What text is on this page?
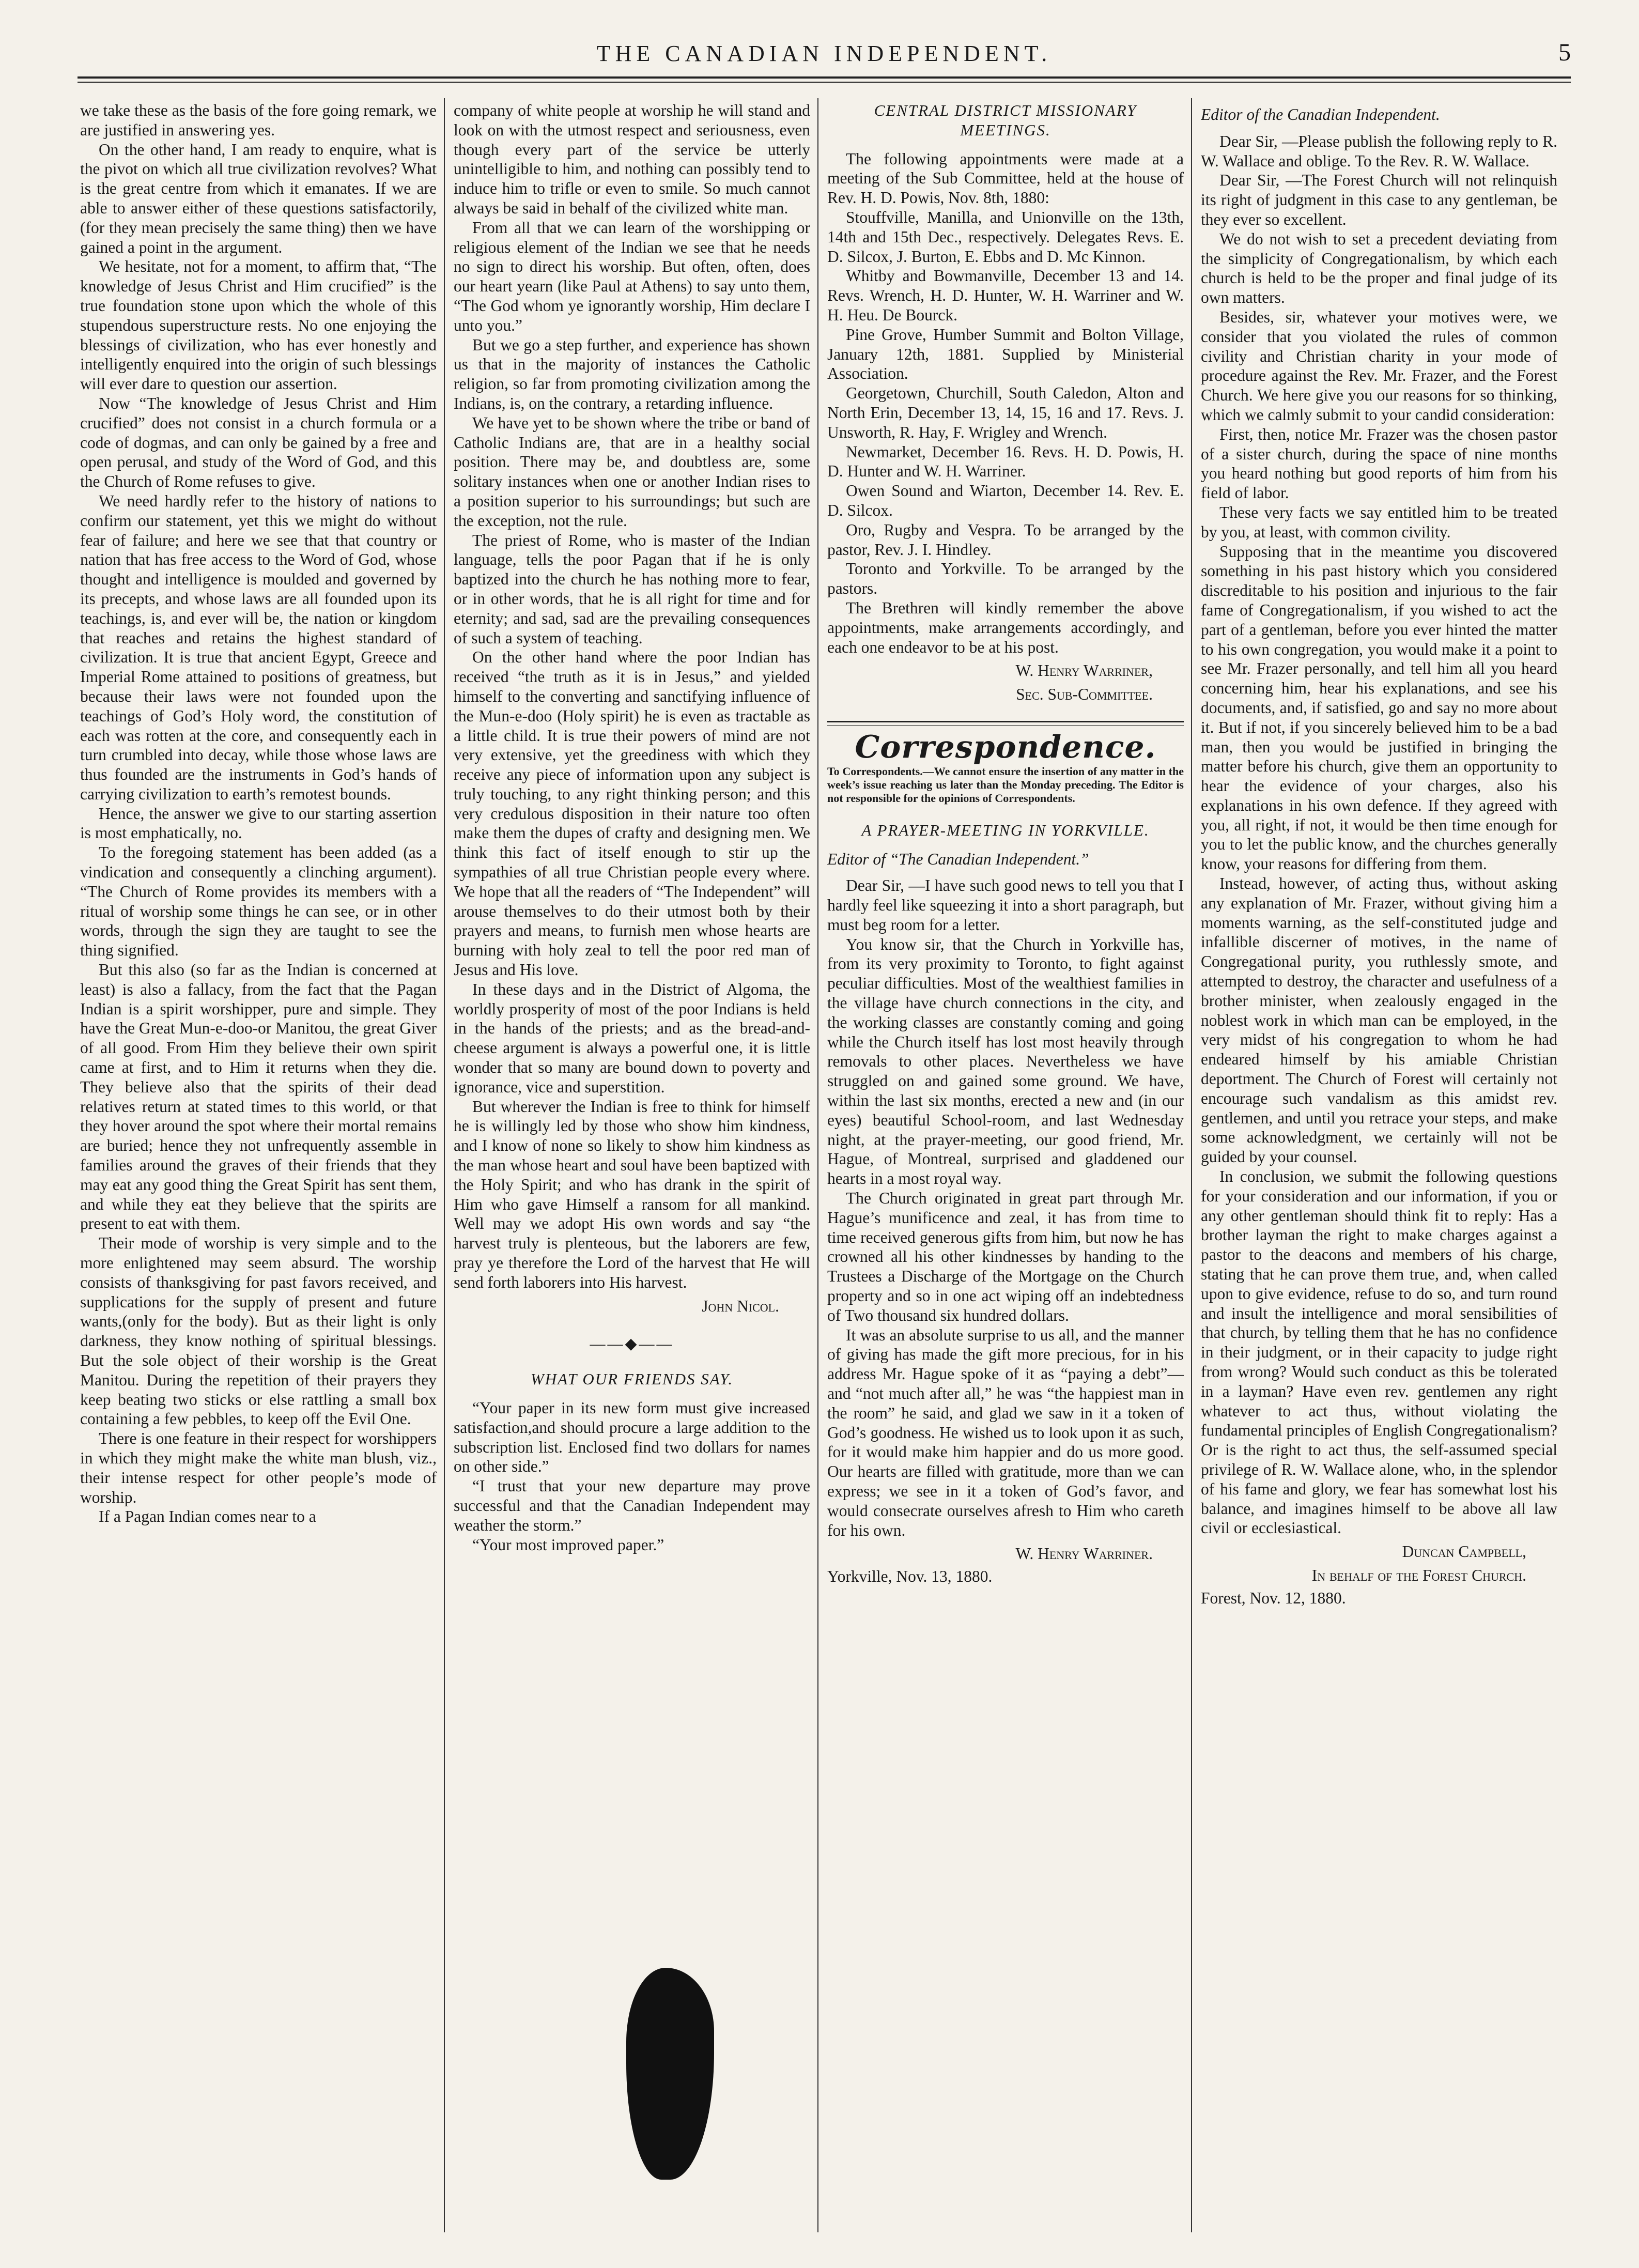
THE CANADIAN INDEPENDENT.	5

we take these as the basis of the fore going remark, we are justified in answering yes.

On the other hand, I am ready to enquire, what is the pivot on which all true civilization revolves? What is the great centre from which it emanates. If we are able to answer either of these questions satisfactorily, (for they mean precisely the same thing) then we have gained a point in the argument.

We hesitate, not for a moment, to affirm that, “The knowledge of Jesus Christ and Him crucified” is the true foundation stone upon which the whole of this stupendous superstructure rests. No one enjoying the blessings of civilization, who has ever honestly and intelligently enquired into the origin of such blessings will ever dare to question our assertion.

Now “The knowledge of Jesus Christ and Him crucified” does not consist in a church formula or a code of dogmas, and can only be gained by a free and open perusal, and study of the Word of God, and this the Church of Rome refuses to give.

We need hardly refer to the history of nations to confirm our statement, yet this we might do without fear of failure; and here we see that that country or nation that has free access to the Word of God, whose thought and intelligence is moulded and governed by its precepts, and whose laws are all founded upon its teachings, is, and ever will be, the nation or kingdom that reaches and retains the highest standard of civilization. It is true that ancient Egypt, Greece and Imperial Rome attained to positions of greatness, but because their laws were not founded upon the teachings of God’s Holy word, the constitution of each was rotten at the core, and consequently each in turn crumbled into decay, while those whose laws are thus founded are the instruments in God’s hands of carrying civilization to earth’s remotest bounds.

Hence, the answer we give to our starting assertion is most emphatically, no.

To the foregoing statement has been added (as a vindication and consequently a clinching argument). “The Church of Rome provides its members with a ritual of worship some things he can see, or in other words, through the sign they are taught to see the thing signified.

But this also (so far as the Indian is concerned at least) is also a fallacy, from the fact that the Pagan Indian is a spirit worshipper, pure and simple. They have the Great Mun-e-doo-or Manitou, the great Giver of all good. From Him they believe their own spirit came at first, and to Him it returns when they die. They believe also that the spirits of their dead relatives return at stated times to this world, or that they hover around the spot where their mortal remains are buried; hence they not unfrequently assemble in families around the graves of their friends that they may eat any good thing the Great Spirit has sent them, and while they eat they believe that the spirits are present to eat with them.

Their mode of worship is very simple and to the more enlightened may seem absurd. The worship consists of thanksgiving for past favors received, and supplications for the supply of present and future wants,(only for the body). But as their light is only darkness, they know nothing of spiritual blessings. But the sole object of their worship is the Great Manitou. During the repetition of their prayers they keep beating two sticks or else rattling a small box containing a few pebbles, to keep off the Evil One.

There is one feature in their respect for worshippers in which they might make the white man blush, viz., their intense respect for other people’s mode of worship.

If a Pagan Indian comes near to a

company of white people at worship he will stand and look on with the utmost respect and seriousness, even though every part of the service be utterly unintelligible to him, and nothing can possibly tend to induce him to trifle or even to smile. So much cannot always be said in behalf of the civilized white man.

From all that we can learn of the worshipping or religious element of the Indian we see that he needs no sign to direct his worship. But often, often, does our heart yearn (like Paul at Athens) to say unto them, “The God whom ye ignorantly worship, Him declare I unto you.”

But we go a step further, and experience has shown us that in the majority of instances the Catholic religion, so far from promoting civilization among the Indians, is, on the contrary, a retarding influence.

We have yet to be shown where the tribe or band of Catholic Indians are, that are in a healthy social position. There may be, and doubtless are, some solitary instances when one or another Indian rises to a position superior to his surroundings; but such are the exception, not the rule.

The priest of Rome, who is master of the Indian language, tells the poor Pagan that if he is only baptized into the church he has nothing more to fear, or in other words, that he is all right for time and for eternity; and sad, sad are the prevailing consequences of such a system of teaching.

On the other hand where the poor Indian has received “the truth as it is in Jesus,” and yielded himself to the converting and sanctifying influence of the Mun-e-doo (Holy spirit) he is even as tractable as a little child. It is true their powers of mind are not very extensive, yet the greediness with which they receive any piece of information upon any subject is truly touching, to any right thinking person; and this very credulous disposition in their nature too often make them the dupes of crafty and designing men. We think this fact of itself enough to stir up the sympathies of all true Christian people every where. We hope that all the readers of “The Independent” will arouse themselves to do their utmost both by their prayers and means, to furnish men whose hearts are burning with holy zeal to tell the poor red man of Jesus and His love.

In these days and in the District of Algoma, the worldly prosperity of most of the poor Indians is held in the hands of the priests; and as the bread-and-cheese argument is always a powerful one, it is little wonder that so many are bound down to poverty and ignorance, vice and superstition.

But wherever the Indian is free to think for himself he is willingly led by those who show him kindness, and I know of none so likely to show him kindness as the man whose heart and soul have been baptized with the Holy Spirit; and who has drank in the spirit of Him who gave Himself a ransom for all mankind. Well may we adopt His own words and say “the harvest truly is plenteous, but the laborers are few, pray ye therefore the Lord of the harvest that He will send forth laborers into His harvest.

John Nicol.
——◆——
WHAT OUR FRIENDS SAY.

“Your paper in its new form must give increased satisfaction,and should procure a large addition to the subscription list. Enclosed find two dollars for names on other side.”

“I trust that your new departure may prove successful and that the Canadian Independent may weather the storm.”

“Your most improved paper.”

CENTRAL DISTRICT MISSIONARY MEETINGS.

The following appointments were made at a meeting of the Sub Committee, held at the house of Rev. H. D. Powis, Nov. 8th, 1880:

Stouffville, Manilla, and Unionville on the 13th, 14th and 15th Dec., respectively. Delegates Revs. E. D. Silcox, J. Burton, E. Ebbs and D. Mc Kinnon.

Whitby and Bowmanville, December 13 and 14. Revs. Wrench, H. D. Hunter, W. H. Warriner and W. H. Heu. De Bourck.

Pine Grove, Humber Summit and Bolton Village, January 12th, 1881. Supplied by Ministerial Association.

Georgetown, Churchill, South Caledon, Alton and North Erin, December 13, 14, 15, 16 and 17. Revs. J. Unsworth, R. Hay, F. Wrigley and Wrench.

Newmarket, December 16. Revs. H. D. Powis, H. D. Hunter and W. H. Warriner.

Owen Sound and Wiarton, December 14. Rev. E. D. Silcox.

Oro, Rugby and Vespra. To be arranged by the pastor, Rev. J. I. Hindley.

Toronto and Yorkville. To be arranged by the pastors.

The Brethren will kindly remember the above appointments, make arrangements accordingly, and each one endeavor to be at his post.

W. Henry Warriner,
Sec. Sub-Committee.
Correspondence.
To Correspondents.—We cannot ensure the insertion of any matter in the week’s issue reaching us later than the Monday preceding. The Editor is not responsible for the opinions of Correspondents.
A PRAYER-MEETING IN YORKVILLE.
Editor of “The Canadian Independent.”

Dear Sir, —I have such good news to tell you that I hardly feel like squeezing it into a short paragraph, but must beg room for a letter.

You know sir, that the Church in Yorkville has, from its very proximity to Toronto, to fight against peculiar difficulties. Most of the wealthiest families in the village have church connections in the city, and the working classes are constantly coming and going while the Church itself has lost most heavily through removals to other places. Nevertheless we have struggled on and gained some ground. We have, within the last six months, erected a new and (in our eyes) beautiful School-room, and last Wednesday night, at the prayer-meeting, our good friend, Mr. Hague, of Montreal, surprised and gladdened our hearts in a most royal way.

The Church originated in great part through Mr. Hague’s munificence and zeal, it has from time to time received generous gifts from him, but now he has crowned all his other kindnesses by handing to the Trustees a Discharge of the Mortgage on the Church property and so in one act wiping off an indebtedness of Two thousand six hundred dollars.

It was an absolute surprise to us all, and the manner of giving has made the gift more precious, for in his address Mr. Hague spoke of it as “paying a debt”—and “not much after all,” he was “the happiest man in the room” he said, and glad we saw in it a token of God’s goodness. He wished us to look upon it as such, for it would make him happier and do us more good. Our hearts are filled with gratitude, more than we can express; we see in it a token of God’s favor, and would consecrate ourselves afresh to Him who careth for his own.

W. Henry Warriner.
Yorkville, Nov. 13, 1880.
Editor of the Canadian Independent.

Dear Sir, —Please publish the following reply to R. W. Wallace and oblige. To the Rev. R. W. Wallace.

Dear Sir, —The Forest Church will not relinquish its right of judgment in this case to any gentleman, be they ever so excellent.

We do not wish to set a precedent deviating from the simplicity of Congregationalism, by which each church is held to be the proper and final judge of its own matters.

Besides, sir, whatever your motives were, we consider that you violated the rules of common civility and Christian charity in your mode of procedure against the Rev. Mr. Frazer, and the Forest Church. We here give you our reasons for so thinking, which we calmly submit to your candid consideration:

First, then, notice Mr. Frazer was the chosen pastor of a sister church, during the space of nine months you heard nothing but good reports of him from his field of labor.

These very facts we say entitled him to be treated by you, at least, with common civility.

Supposing that in the meantime you discovered something in his past history which you considered discreditable to his position and injurious to the fair fame of Congregationalism, if you wished to act the part of a gentleman, before you ever hinted the matter to his own congregation, you would make it a point to see Mr. Frazer personally, and tell him all you heard concerning him, hear his explanations, and see his documents, and, if satisfied, go and say no more about it. But if not, if you sincerely believed him to be a bad man, then you would be justified in bringing the matter before his church, give them an opportunity to hear the evidence of your charges, also his explanations in his own defence. If they agreed with you, all right, if not, it would be then time enough for you to let the public know, and the churches generally know, your reasons for differing from them.

Instead, however, of acting thus, without asking any explanation of Mr. Frazer, without giving him a moments warning, as the self-constituted judge and infallible discerner of motives, in the name of Congregational purity, you ruthlessly smote, and attempted to destroy, the character and usefulness of a brother minister, when zealously engaged in the noblest work in which man can be employed, in the very midst of his congregation to whom he had endeared himself by his amiable Christian deportment. The Church of Forest will certainly not encourage such vandalism as this amidst rev. gentlemen, and until you retrace your steps, and make some acknowledgment, we certainly will not be guided by your counsel.

In conclusion, we submit the following questions for your consideration and our information, if you or any other gentleman should think fit to reply: Has a brother layman the right to make charges against a pastor to the deacons and members of his charge, stating that he can prove them true, and, when called upon to give evidence, refuse to do so, and turn round and insult the intelligence and moral sensibilities of that church, by telling them that he has no confidence in their judgment, or in their capacity to judge right from wrong? Would such conduct as this be tolerated in a layman? Have even rev. gentlemen any right whatever to act thus, without violating the fundamental principles of English Congregationalism? Or is the right to act thus, the self-assumed special privilege of R. W. Wallace alone, who, in the splendor of his fame and glory, we fear has somewhat lost his balance, and imagines himself to be above all law civil or ecclesiastical.

Duncan Campbell,
In behalf of the Forest Church.
Forest, Nov. 12, 1880.
